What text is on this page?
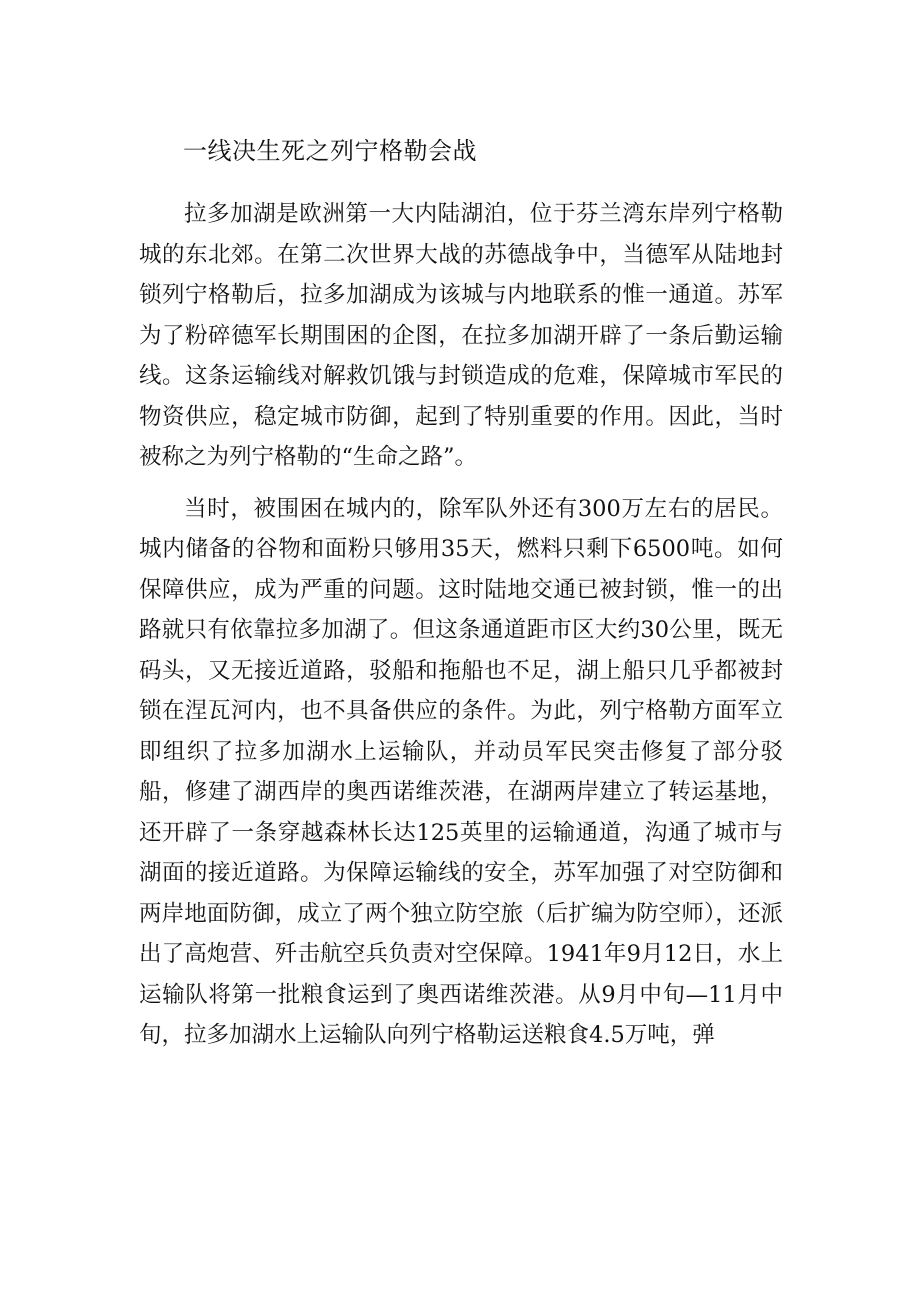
一线决生死之列宁格勒会战

拉多加湖是欧洲第一大内陆湖泊，位于芬兰湾东岸列宁格勒城的东北郊。在第二次世界大战的苏德战争中，当德军从陆地封锁列宁格勒后，拉多加湖成为该城与内地联系的惟一通道。苏军为了粉碎德军长期围困的企图，在拉多加湖开辟了一条后勤运输线。这条运输线对解救饥饿与封锁造成的危难，保障城市军民的物资供应，稳定城市防御，起到了特别重要的作用。因此，当时被称之为列宁格勒的“生命之路”。

当时，被围困在城内的，除军队外还有300万左右的居民。城内储备的谷物和面粉只够用35天，燃料只剩下6500吨。如何保障供应，成为严重的问题。这时陆地交通已被封锁，惟一的出路就只有依靠拉多加湖了。但这条通道距市区大约30公里，既无码头，又无接近道路，驳船和拖船也不足，湖上船只几乎都被封锁在涅瓦河内，也不具备供应的条件。为此，列宁格勒方面军立即组织了拉多加湖水上运输队，并动员军民突击修复了部分驳船，修建了湖西岸的奥西诺维茨港，在湖两岸建立了转运基地，还开辟了一条穿越森林长达125英里的运输通道，沟通了城市与湖面的接近道路。为保障运输线的安全，苏军加强了对空防御和两岸地面防御，成立了两个独立防空旅（后扩编为防空师），还派出了高炮营、歼击航空兵负责对空保障。1941年9月12日，水上运输队将第一批粮食运到了奥西诺维茨港。从9月中旬—11月中旬，拉多加湖水上运输队向列宁格勒运送粮食4.5万吨，弹
